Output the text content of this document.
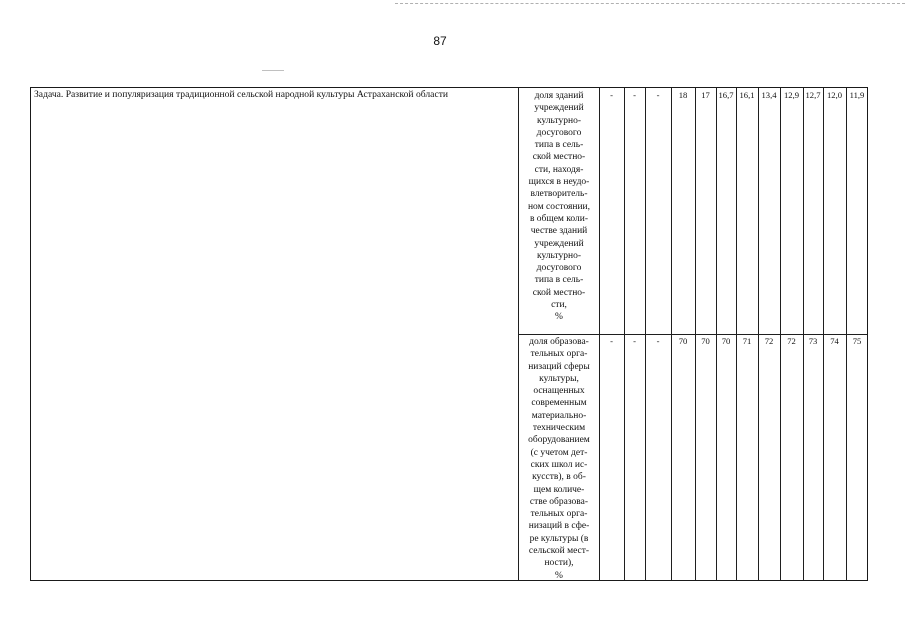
87
Задача. Развитие и популяризация традиционной сельской народной культуры Астраханской области	доля зданий
учреждений
культурно-
досугового
типа в сель-
ской местно-
сти, находя-
щихся в неудо-
влетворитель-
ном состоянии,
в общем коли-
честве зданий
учреждений
культурно-
досугового
типа в сель-
ской местно-
сти,
%
-	-	-	18	17	16,7 16,1 13,4 12,9 12,7 12,0 11,9
доля образова-
тельных орга-
низаций сферы
культуры,
оснащенных
современным
материально-
техническим
оборудованием
(с учетом дет-
ских школ ис-
кусств), в об-
щем количе-
стве образова-
тельных орга-
низаций в сфе-
ре культуры (в
сельской мест-
ности),
%
-	-	-	70	70	70	71	72	72	73	74	75
